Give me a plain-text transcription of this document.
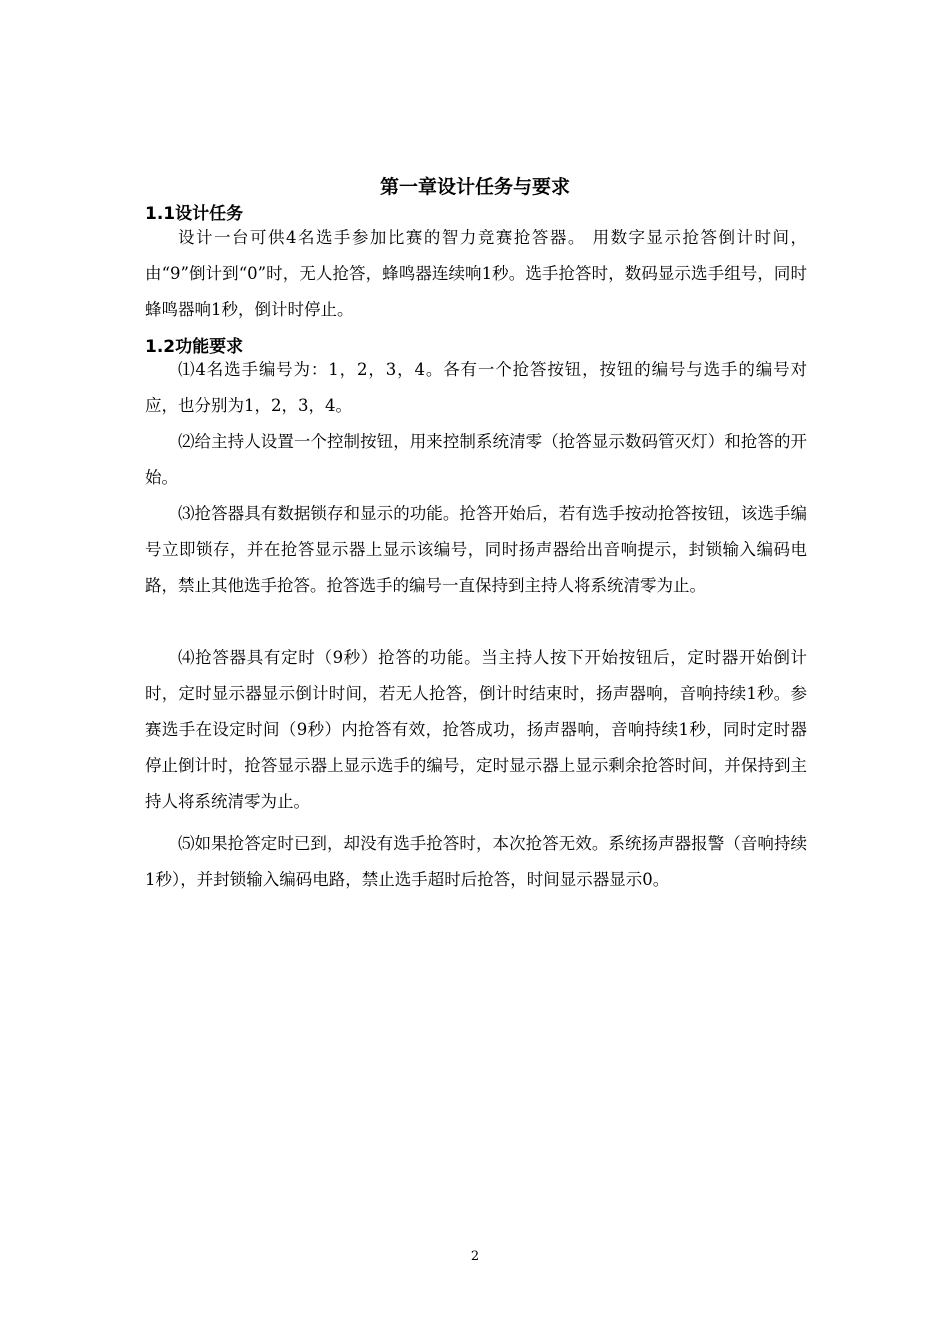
第一章设计任务与要求
1.1设计任务

设计一台可供4名选手参加比赛的智力竞赛抢答器。 用数字显示抢答倒计时间，由“9”倒计到“0”时，无人抢答，蜂鸣器连续响1秒。选手抢答时，数码显示选手组号，同时蜂鸣器响1秒，倒计时停止。

1.2功能要求

⑴4名选手编号为：1，2，3，4。各有一个抢答按钮，按钮的编号与选手的编号对应，也分别为1，2，3，4。

⑵给主持人设置一个控制按钮，用来控制系统清零（抢答显示数码管灭灯）和抢答的开始。

⑶抢答器具有数据锁存和显示的功能。抢答开始后，若有选手按动抢答按钮，该选手编号立即锁存，并在抢答显示器上显示该编号，同时扬声器给出音响提示，封锁输入编码电路，禁止其他选手抢答。抢答选手的编号一直保持到主持人将系统清零为止。

⑷抢答器具有定时（9秒）抢答的功能。当主持人按下开始按钮后，定时器开始倒计时，定时显示器显示倒计时间，若无人抢答，倒计时结束时，扬声器响，音响持续1秒。参赛选手在设定时间（9秒）内抢答有效，抢答成功，扬声器响，音响持续1秒，同时定时器停止倒计时，抢答显示器上显示选手的编号，定时显示器上显示剩余抢答时间，并保持到主持人将系统清零为止。

⑸如果抢答定时已到，却没有选手抢答时，本次抢答无效。系统扬声器报警（音响持续1秒），并封锁输入编码电路，禁止选手超时后抢答，时间显示器显示0。

2
